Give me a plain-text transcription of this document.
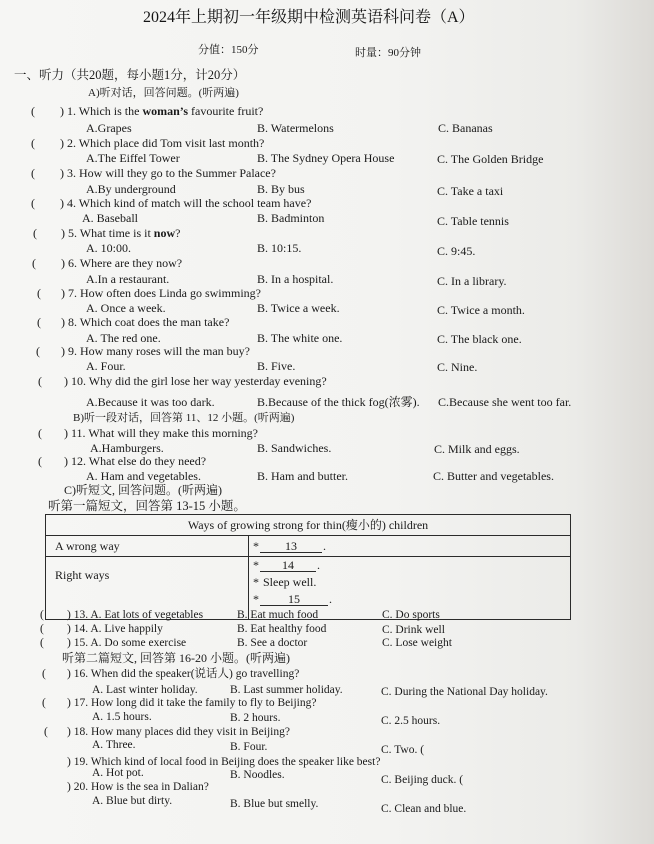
2024年上期初一年级期中检测英语科问卷（A）
分值：150分	时量：90分钟
一、听力（共20题，每小题1分，计20分）
A)听对话，回答问题。(听两遍)
( ) 1. Which is the woman’s favourite fruit?
A.Grapes	B. Watermelons	C. Bananas
( ) 2. Which place did Tom visit last month?
A.The Eiffel Tower	B. The Sydney Opera House	C. The Golden Bridge
( ) 3. How will they go to the Summer Palace?
A.By underground	B. By bus	C. Take a taxi
( ) 4. Which kind of match will the school team have?
A. Baseball	B. Badminton	C. Table tennis
( ) 5. What time is it now?
A. 10:00.	B. 10:15.	C. 9:45.
( ) 6. Where are they now?
A.In a restaurant.	B. In a hospital.	C. In a library.
( ) 7. How often does Linda go swimming?
A. Once a week.	B. Twice a week.	C. Twice a month.
( ) 8. Which coat does the man take?
A. The red one.	B. The white one.	C. The black one.
( ) 9. How many roses will the man buy?
A. Four.	B. Five.	C. Nine.
( ) 10. Why did the girl lose her way yesterday evening?
A.Because it was too dark.	B.Because of the thick fog(浓雾). C.Because she went too far.
B)听一段对话，回答第 11、12 小题。(听两遍)
( ) 11. What will they make this morning?
A.Hamburgers.	B. Sandwiches.	C. Milk and eggs.
( ) 12. What else do they need?
A. Ham and vegetables.	B. Ham and butter.	C. Butter and vegetables.
C)听短文, 回答问题。(听两遍)
听第一篇短文，回答第 13-15 小题。
Ways of growing strong for thin(瘦小的) children	
A wrong way	* 13 .

Right ways	* 14 .
* Sleep well.
* 15 .
( ) 13. A. Eat lots of vegetables	B. Eat much food	C. Do sports
( ) 14. A. Live happily	B. Eat healthy food	C. Drink well
( ) 15. A. Do some exercise	B. See a doctor	C. Lose weight
听第二篇短文, 回答第 16-20 小题。(听两遍)
( ) 16. When did the speaker(说话人) go travelling?
A. Last winter holiday.	B. Last summer holiday.	C. During the National Day holiday.
( ) 17. How long did it take the family to fly to Beijing?
A. 1.5 hours.	B. 2 hours.	C. 2.5 hours.
( ) 18. How many places did they visit in Beijing?
A. Three.	B. Four.	C. Two. (
) 19. Which kind of local food in Beijing does the speaker like best?
A. Hot pot.	B. Noodles.	C. Beijing duck. (
) 20. How is the sea in Dalian?
A. Blue but dirty.	B. Blue but smelly.	C. Clean and blue.
